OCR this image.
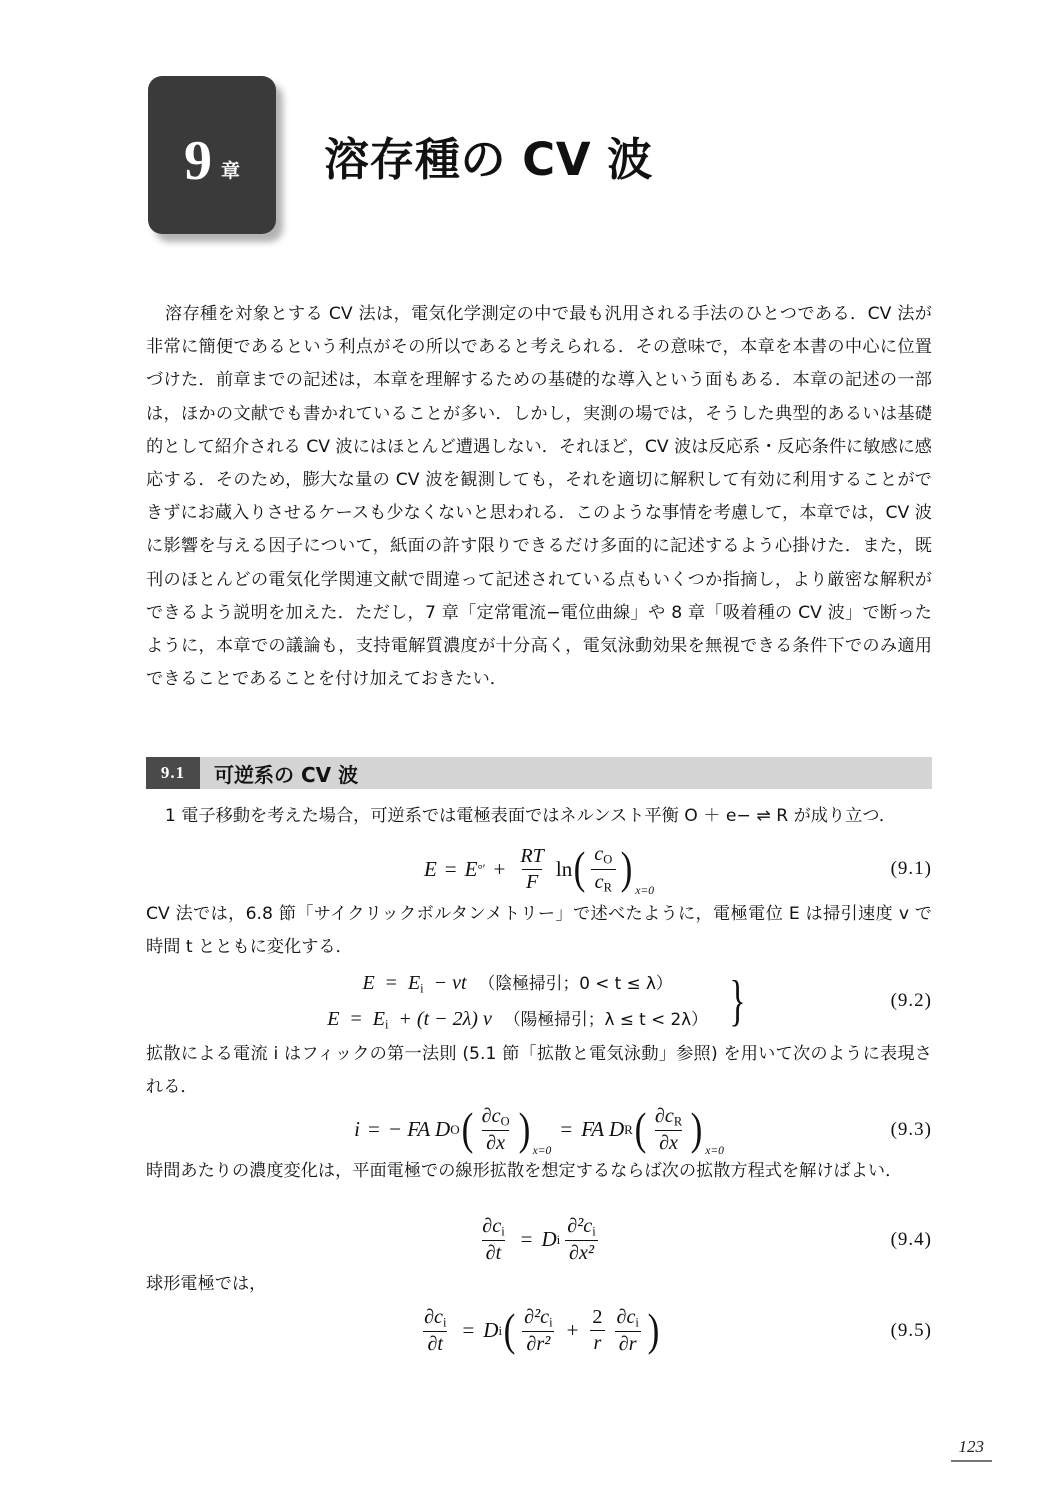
9 章 溶存種の CV 波

溶存種を対象とする CV 法は，電気化学測定の中で最も汎用される手法のひとつである．CV 法が非常に簡便であるという利点がその所以であると考えられる．その意味で，本章を本書の中心に位置づけた．前章までの記述は，本章を理解するための基礎的な導入という面もある．本章の記述の一部は，ほかの文献でも書かれていることが多い．しかし，実測の場では，そうした典型的あるいは基礎的として紹介される CV 波にはほとんど遭遇しない．それほど，CV 波は反応系・反応条件に敏感に感応する．そのため，膨大な量の CV 波を観測しても，それを適切に解釈して有効に利用することができずにお蔵入りさせるケースも少なくないと思われる．このような事情を考慮して，本章では，CV 波に影響を与える因子について，紙面の許す限りできるだけ多面的に記述するよう心掛けた．また，既刊のほとんどの電気化学関連文献で間違って記述されている点もいくつか指摘し，より厳密な解釈ができるよう説明を加えた．ただし，7 章「定常電流−電位曲線」や 8 章「吸着種の CV 波」で断ったように，本章での議論も，支持電解質濃度が十分高く，電気泳動効果を無視できる条件下でのみ適用できることであることを付け加えておきたい．

9.1	可逆系の CV 波

1 電子移動を考えた場合，可逆系では電極表面ではネルンスト平衡 O ＋ e− ⇌ R が成り立つ．

E = E °′ + $\frac{RT}{F}$ ln ( $\frac{c_O}{c_R}$ ) x=0
(9.1)

CV 法では，6.8 節「サイクリックボルタンメトリー」で述べたように，電極電位 E は掃引速度 v で時間 t とともに変化する．

$E = E_i$ − vt （陰極掃引；0 < t ≤ λ）
$E = E_i + (t - 2\lambda)$ v （陽極掃引；λ ≤ t < 2λ） }	(9.2)

拡散による電流 i はフィックの第一法則 (5.1 節「拡散と電気泳動」参照) を用いて次のように表現される．

i = − FA D O ( $\frac{\partial c_O}{\partial x}$ ) x=0
= FA D R ( $\frac{\partial c_R}{\partial x}$ ) x=0
(9.3)

時間あたりの濃度変化は，平面電極での線形拡散を想定するならば次の拡散方程式を解けばよい．

$\frac{\partial c_i}{\partial t} = D$ i $\frac{\partial^2c_i}{\text{∂x²}}$	(9.4)

球形電極では，

$\frac{\partial c_i}{\partial t} = D$ i ( $\frac{\partial^2c_i}{\text{∂r²}} + \frac{2}{r} \frac{\partial c_i}{\partial r}$ )	(9.5)
123
